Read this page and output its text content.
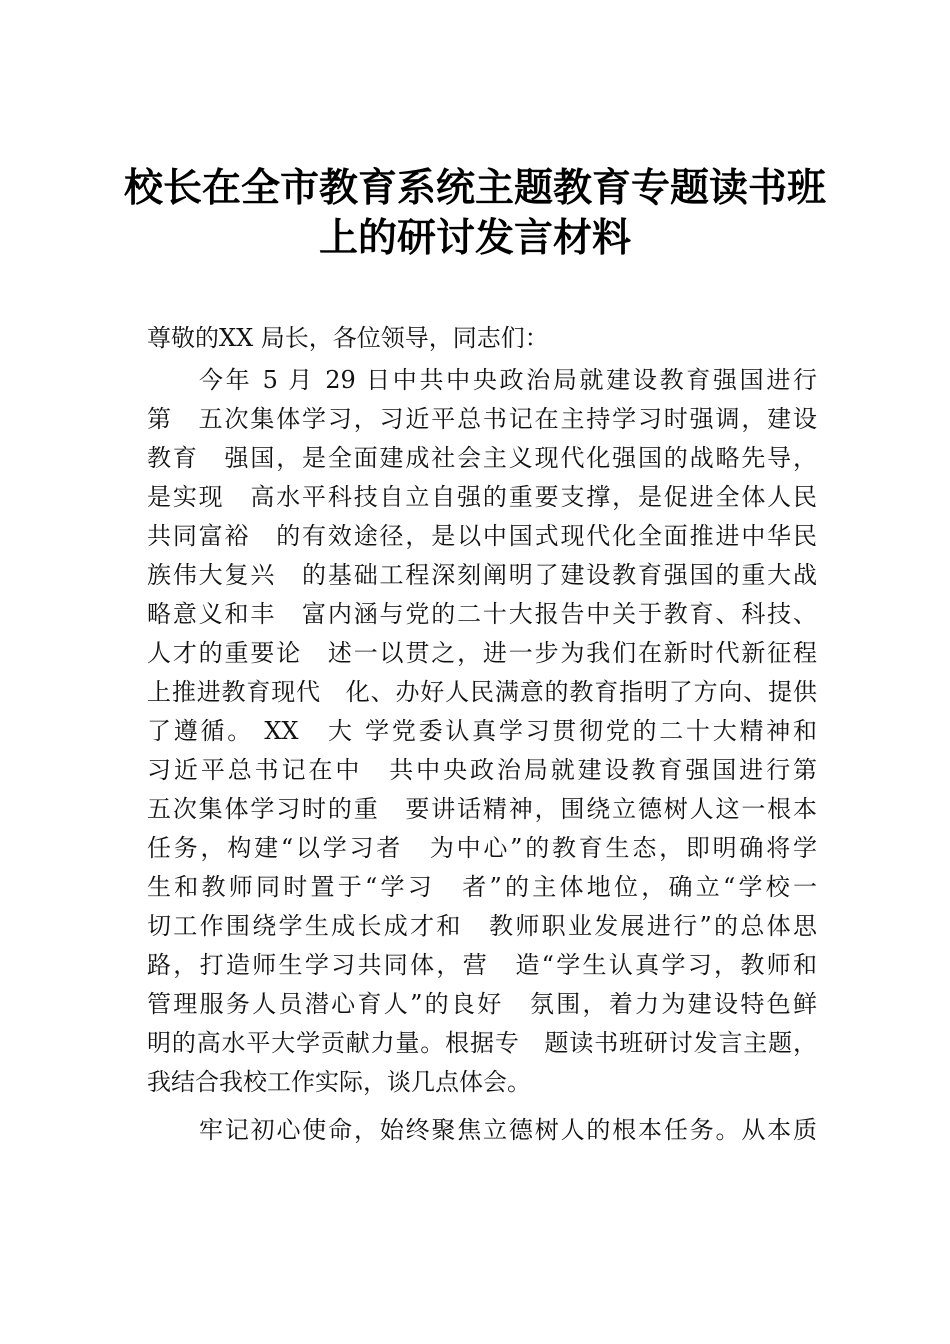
校长在全市教育系统主题教育专题读书班
上的研讨发言材料
尊敬的XX 局长，各位领导，同志们：
今年 5 月 29 日中共中央政治局就建设教育强国进行
第　五次集体学习，习近平总书记在主持学习时强调，建设
教育　强国，是全面建成社会主义现代化强国的战略先导，
是实现　高水平科技自立自强的重要支撑，是促进全体人民
共同富裕　的有效途径，是以中国式现代化全面推进中华民
族伟大复兴　的基础工程深刻阐明了建设教育强国的重大战
略意义和丰　富内涵与党的二十大报告中关于教育、科技、
人才的重要论　述一以贯之，进一步为我们在新时代新征程
上推进教育现代　化、办好人民满意的教育指明了方向、提供
了遵循。 XX　大 学党委认真学习贯彻党的二十大精神和
习近平总书记在中　共中央政治局就建设教育强国进行第
五次集体学习时的重　要讲话精神，围绕立德树人这一根本
任务，构建“以学习者　为中心”的教育生态，即明确将学
生和教师同时置于“学习　者”的主体地位，确立“学校一
切工作围绕学生成长成才和　教师职业发展进行”的总体思
路，打造师生学习共同体，营　造“学生认真学习，教师和
管理服务人员潜心育人”的良好　氛围，着力为建设特色鲜
明的高水平大学贡献力量。根据专　题读书班研讨发言主题，
我结合我校工作实际，谈几点体会。
牢记初心使命，始终聚焦立德树人的根本任务。从本质
